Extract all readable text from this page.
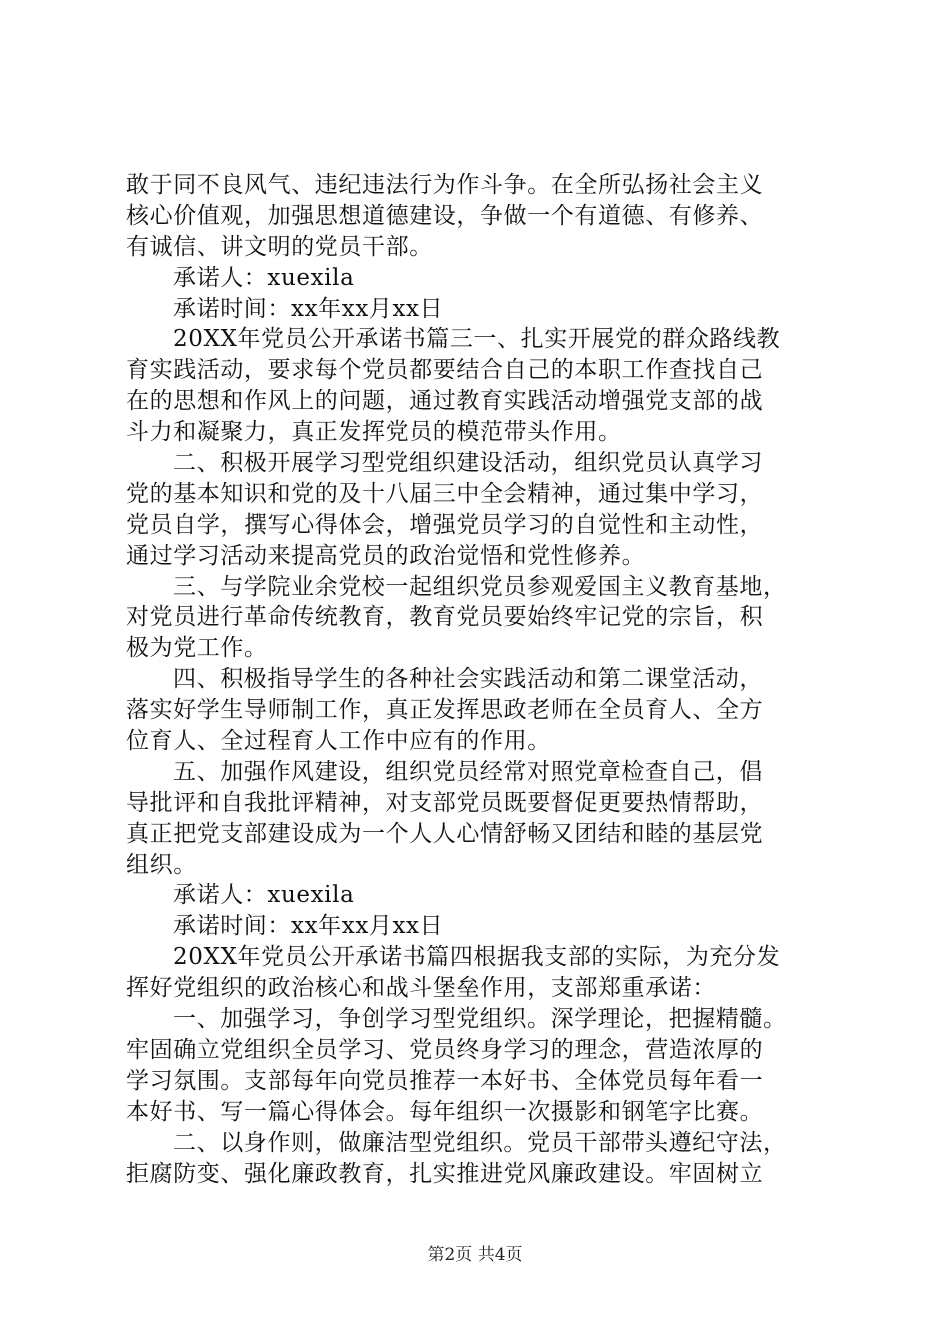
敢于同不良风气、违纪违法行为作斗争。在全所弘扬社会主义
核心价值观，加强思想道德建设，争做一个有道德、有修养、
有诚信、讲文明的党员干部。
承诺人：xuexila
承诺时间：xx年xx月xx日
20XX年党员公开承诺书篇三一、扎实开展党的群众路线教
育实践活动，要求每个党员都要结合自己的本职工作查找自己
在的思想和作风上的问题，通过教育实践活动增强党支部的战
斗力和凝聚力，真正发挥党员的模范带头作用。
二、积极开展学习型党组织建设活动，组织党员认真学习
党的基本知识和党的及十八届三中全会精神，通过集中学习，
党员自学，撰写心得体会，增强党员学习的自觉性和主动性，
通过学习活动来提高党员的政治觉悟和党性修养。
三、与学院业余党校一起组织党员参观爱国主义教育基地，
对党员进行革命传统教育，教育党员要始终牢记党的宗旨，积
极为党工作。
四、积极指导学生的各种社会实践活动和第二课堂活动，
落实好学生导师制工作，真正发挥思政老师在全员育人、全方
位育人、全过程育人工作中应有的作用。
五、加强作风建设，组织党员经常对照党章检查自己，倡
导批评和自我批评精神，对支部党员既要督促更要热情帮助，
真正把党支部建设成为一个人人心情舒畅又团结和睦的基层党
组织。
承诺人：xuexila
承诺时间：xx年xx月xx日
20XX年党员公开承诺书篇四根据我支部的实际，为充分发
挥好党组织的政治核心和战斗堡垒作用，支部郑重承诺：
一、加强学习，争创学习型党组织。深学理论，把握精髓。
牢固确立党组织全员学习、党员终身学习的理念，营造浓厚的
学习氛围。支部每年向党员推荐一本好书、全体党员每年看一
本好书、写一篇心得体会。每年组织一次摄影和钢笔字比赛。
二、以身作则，做廉洁型党组织。党员干部带头遵纪守法，
拒腐防变、强化廉政教育，扎实推进党风廉政建设。牢固树立
第2页 共4页
